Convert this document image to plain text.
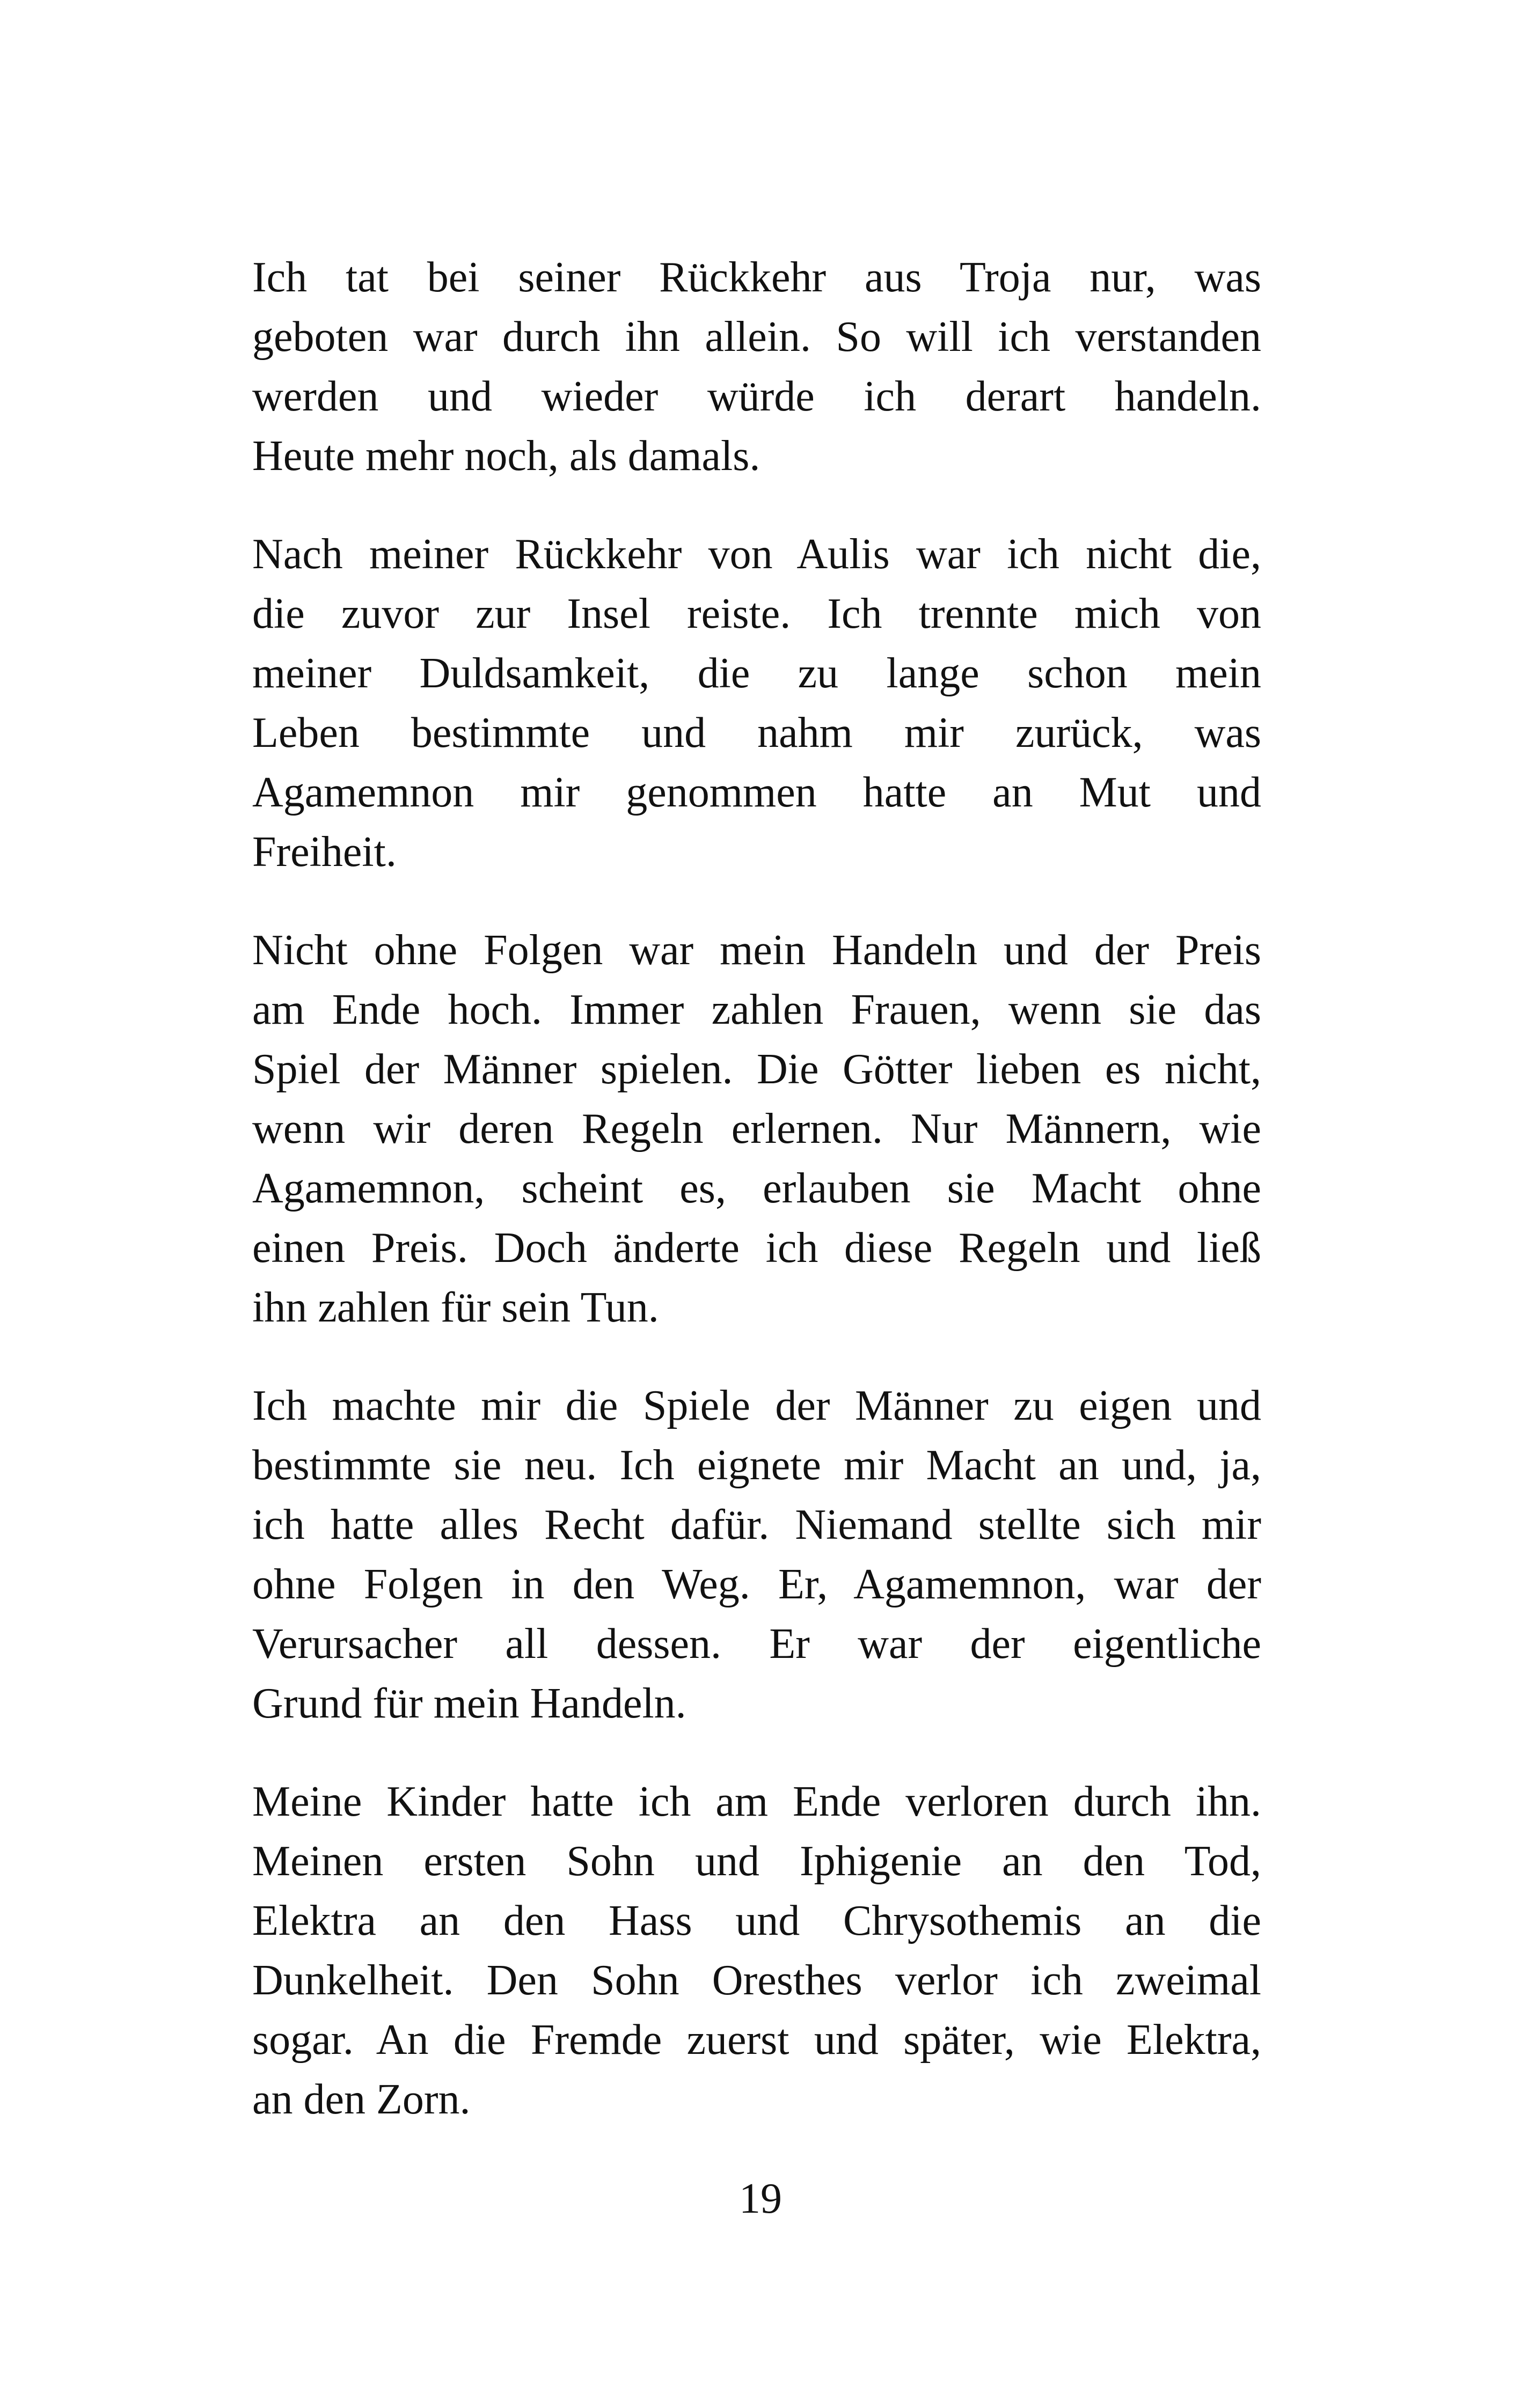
Ich tat bei seiner Rückkehr aus Troja nur, was
geboten war durch ihn allein. So will ich verstanden
werden und wieder würde ich derart handeln.
Heute mehr noch, als damals.

Nach meiner Rückkehr von Aulis war ich nicht die,
die zuvor zur Insel reiste. Ich trennte mich von
meiner Duldsamkeit, die zu lange schon mein
Leben bestimmte und nahm mir zurück, was
Agamemnon mir genommen hatte an Mut und
Freiheit.

Nicht ohne Folgen war mein Handeln und der Preis
am Ende hoch. Immer zahlen Frauen, wenn sie das
Spiel der Männer spielen. Die Götter lieben es nicht,
wenn wir deren Regeln erlernen. Nur Männern, wie
Agamemnon, scheint es, erlauben sie Macht ohne
einen Preis. Doch änderte ich diese Regeln und ließ
ihn zahlen für sein Tun.

Ich machte mir die Spiele der Männer zu eigen und
bestimmte sie neu. Ich eignete mir Macht an und, ja,
ich hatte alles Recht dafür. Niemand stellte sich mir
ohne Folgen in den Weg. Er, Agamemnon, war der
Verursacher all dessen. Er war der eigentliche
Grund für mein Handeln.

Meine Kinder hatte ich am Ende verloren durch ihn.
Meinen ersten Sohn und Iphigenie an den Tod,
Elektra an den Hass und Chrysothemis an die
Dunkelheit. Den Sohn Oresthes verlor ich zweimal
sogar. An die Fremde zuerst und später, wie Elektra,
an den Zorn.

19
